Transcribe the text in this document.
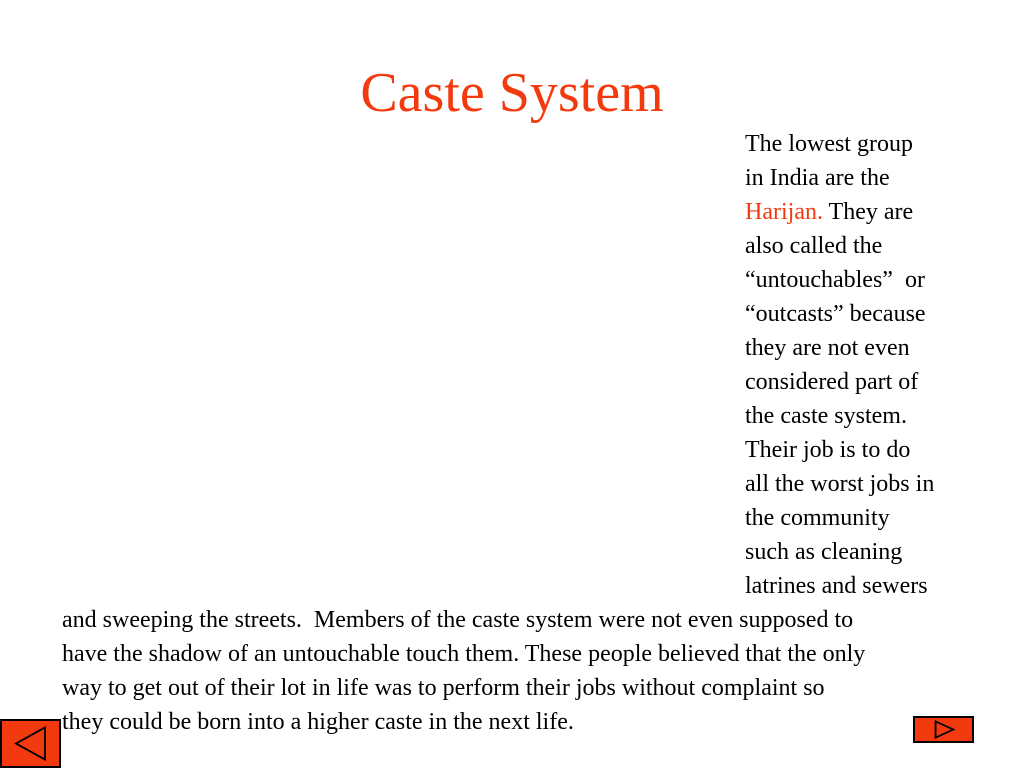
Caste System
The lowest group
in India are the
Harijan. They are
also called the
“untouchables”  or
“outcasts” because
they are not even
considered part of
the caste system.
Their job is to do
all the worst jobs in
the community
such as cleaning
latrines and sewers
and sweeping the streets.  Members of the caste system were not even supposed to
have the shadow of an untouchable touch them. These people believed that the only
way to get out of their lot in life was to perform their jobs without complaint so
they could be born into a higher caste in the next life.
